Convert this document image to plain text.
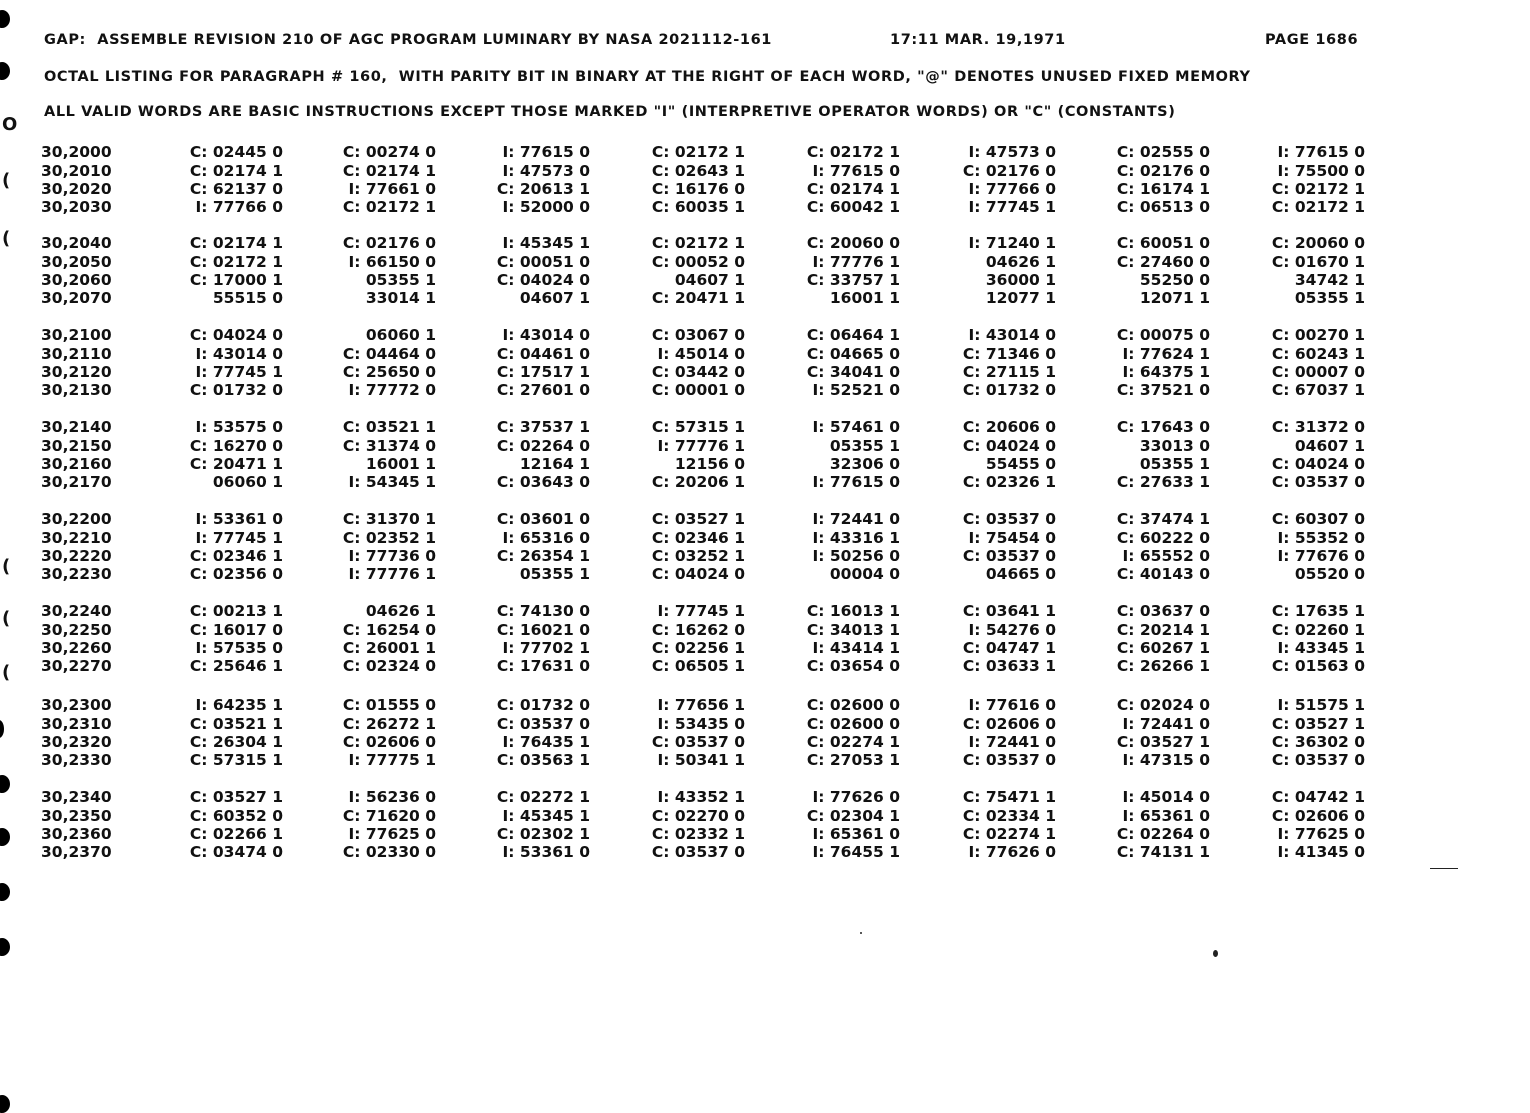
O
(
(
(
(
(
GAP:  ASSEMBLE REVISION 210 OF AGC PROGRAM LUMINARY BY NASA 2021112-161	17:11 MAR. 19,1971	PAGE 1686
OCTAL LISTING FOR PARAGRAPH # 160,  WITH PARITY BIT IN BINARY AT THE RIGHT OF EACH WORD, "@" DENOTES UNUSED FIXED MEMORY
ALL VALID WORDS ARE BASIC INSTRUCTIONS EXCEPT THOSE MARKED "I" (INTERPRETIVE OPERATOR WORDS) OR "C" (CONSTANTS)
30,2000	C: 02445 0	C: 00274 0	I: 77615 0	C: 02172 1	C: 02172 1	I: 47573 0	C: 02555 0	I: 77615 0
30,2010	C: 02174 1	C: 02174 1	I: 47573 0	C: 02643 1	I: 77615 0	C: 02176 0	C: 02176 0	I: 75500 0
30,2020	C: 62137 0	I: 77661 0	C: 20613 1	C: 16176 0	C: 02174 1	I: 77766 0	C: 16174 1	C: 02172 1
30,2030	I: 77766 0	C: 02172 1	I: 52000 0	C: 60035 1	C: 60042 1	I: 77745 1	C: 06513 0	C: 02172 1
30,2040	C: 02174 1	C: 02176 0	I: 45345 1	C: 02172 1	C: 20060 0	I: 71240 1	C: 60051 0	C: 20060 0
30,2050	C: 02172 1	I: 66150 0	C: 00051 0	C: 00052 0	I: 77776 1	04626 1	C: 27460 0	C: 01670 1
30,2060	C: 17000 1	05355 1	C: 04024 0	04607 1	C: 33757 1	36000 1	55250 0	34742 1
30,2070	55515 0	33014 1	04607 1	C: 20471 1	16001 1	12077 1	12071 1	05355 1
30,2100	C: 04024 0	06060 1	I: 43014 0	C: 03067 0	C: 06464 1	I: 43014 0	C: 00075 0	C: 00270 1
30,2110	I: 43014 0	C: 04464 0	C: 04461 0	I: 45014 0	C: 04665 0	C: 71346 0	I: 77624 1	C: 60243 1
30,2120	I: 77745 1	C: 25650 0	C: 17517 1	C: 03442 0	C: 34041 0	C: 27115 1	I: 64375 1	C: 00007 0
30,2130	C: 01732 0	I: 77772 0	C: 27601 0	C: 00001 0	I: 52521 0	C: 01732 0	C: 37521 0	C: 67037 1
30,2140	I: 53575 0	C: 03521 1	C: 37537 1	C: 57315 1	I: 57461 0	C: 20606 0	C: 17643 0	C: 31372 0
30,2150	C: 16270 0	C: 31374 0	C: 02264 0	I: 77776 1	05355 1	C: 04024 0	33013 0	04607 1
30,2160	C: 20471 1	16001 1	12164 1	12156 0	32306 0	55455 0	05355 1	C: 04024 0
30,2170	06060 1	I: 54345 1	C: 03643 0	C: 20206 1	I: 77615 0	C: 02326 1	C: 27633 1	C: 03537 0
30,2200	I: 53361 0	C: 31370 1	C: 03601 0	C: 03527 1	I: 72441 0	C: 03537 0	C: 37474 1	C: 60307 0
30,2210	I: 77745 1	C: 02352 1	I: 65316 0	C: 02346 1	I: 43316 1	I: 75454 0	C: 60222 0	I: 55352 0
30,2220	C: 02346 1	I: 77736 0	C: 26354 1	C: 03252 1	I: 50256 0	C: 03537 0	I: 65552 0	I: 77676 0
30,2230	C: 02356 0	I: 77776 1	05355 1	C: 04024 0	00004 0	04665 0	C: 40143 0	05520 0
30,2240	C: 00213 1	04626 1	C: 74130 0	I: 77745 1	C: 16013 1	C: 03641 1	C: 03637 0	C: 17635 1
30,2250	C: 16017 0	C: 16254 0	C: 16021 0	C: 16262 0	C: 34013 1	I: 54276 0	C: 20214 1	C: 02260 1
30,2260	I: 57535 0	C: 26001 1	I: 77702 1	C: 02256 1	I: 43414 1	C: 04747 1	C: 60267 1	I: 43345 1
30,2270	C: 25646 1	C: 02324 0	C: 17631 0	C: 06505 1	C: 03654 0	C: 03633 1	C: 26266 1	C: 01563 0
30,2300	I: 64235 1	C: 01555 0	C: 01732 0	I: 77656 1	C: 02600 0	I: 77616 0	C: 02024 0	I: 51575 1
30,2310	C: 03521 1	C: 26272 1	C: 03537 0	I: 53435 0	C: 02600 0	C: 02606 0	I: 72441 0	C: 03527 1
30,2320	C: 26304 1	C: 02606 0	I: 76435 1	C: 03537 0	C: 02274 1	I: 72441 0	C: 03527 1	C: 36302 0
30,2330	C: 57315 1	I: 77775 1	C: 03563 1	I: 50341 1	C: 27053 1	C: 03537 0	I: 47315 0	C: 03537 0
30,2340	C: 03527 1	I: 56236 0	C: 02272 1	I: 43352 1	I: 77626 0	C: 75471 1	I: 45014 0	C: 04742 1
30,2350	C: 60352 0	C: 71620 0	I: 45345 1	C: 02270 0	C: 02304 1	C: 02334 1	I: 65361 0	C: 02606 0
30,2360	C: 02266 1	I: 77625 0	C: 02302 1	C: 02332 1	I: 65361 0	C: 02274 1	C: 02264 0	I: 77625 0
30,2370	C: 03474 0	C: 02330 0	I: 53361 0	C: 03537 0	I: 76455 1	I: 77626 0	C: 74131 1	I: 41345 0
